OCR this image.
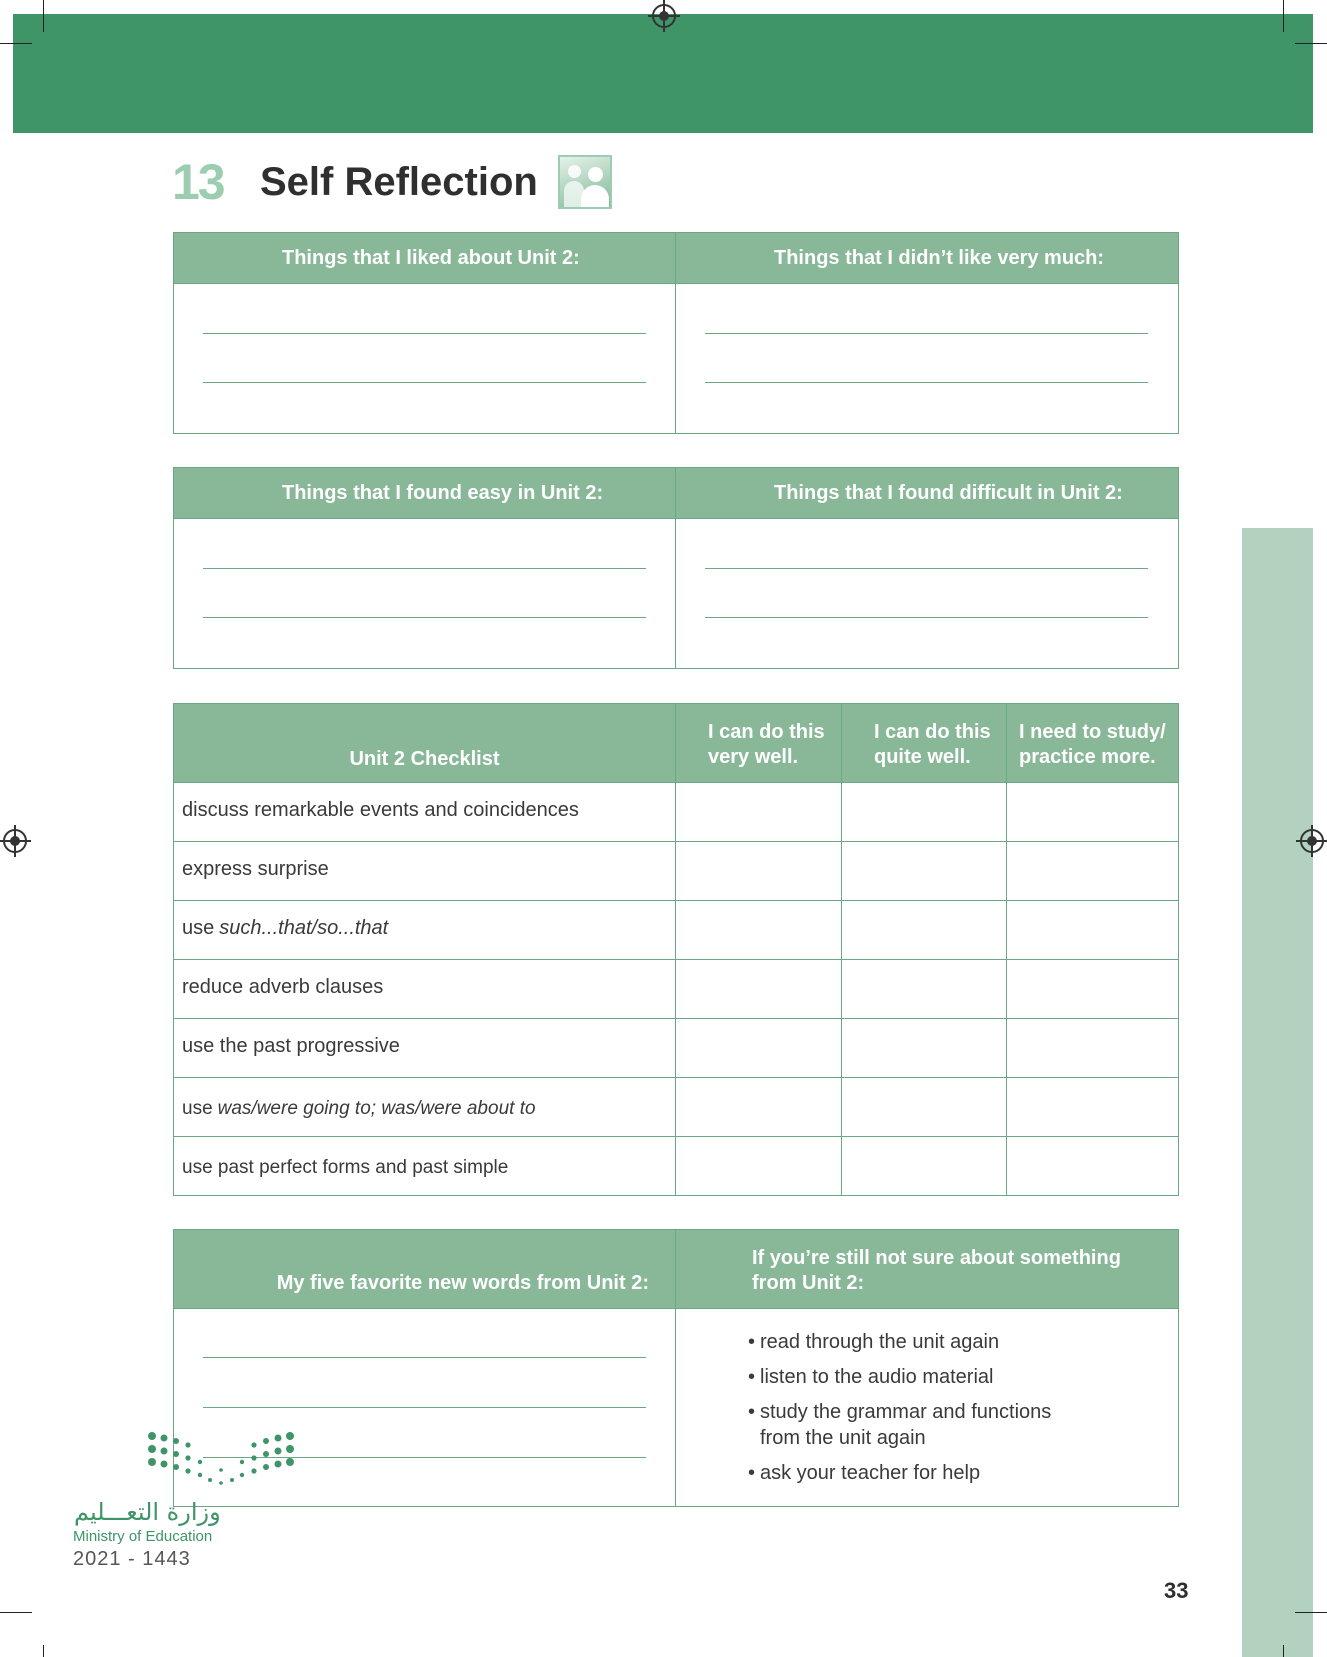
13 Self Reflection
Things that I liked about Unit 2:	Things that I didn’t like very much:
Things that I found easy in Unit 2:	Things that I found difficult in Unit 2:
Unit 2 Checklist
I can do this
very well.
I can do this
quite well.
I need to study/
practice more.
discuss remarkable events and coincidences
express surprise
use such...that/so...that
reduce adverb clauses
use the past progressive
use was/were going to; was/were about to
use past perfect forms and past simple
My five favorite new words from Unit 2:
If you’re still not sure about something
from Unit 2:
• read through the unit again
• listen to the audio material
• study the grammar and functions
from the unit again
• ask your teacher for help
وزارة التعـــليم
Ministry of Education
2021 - 1443
33
